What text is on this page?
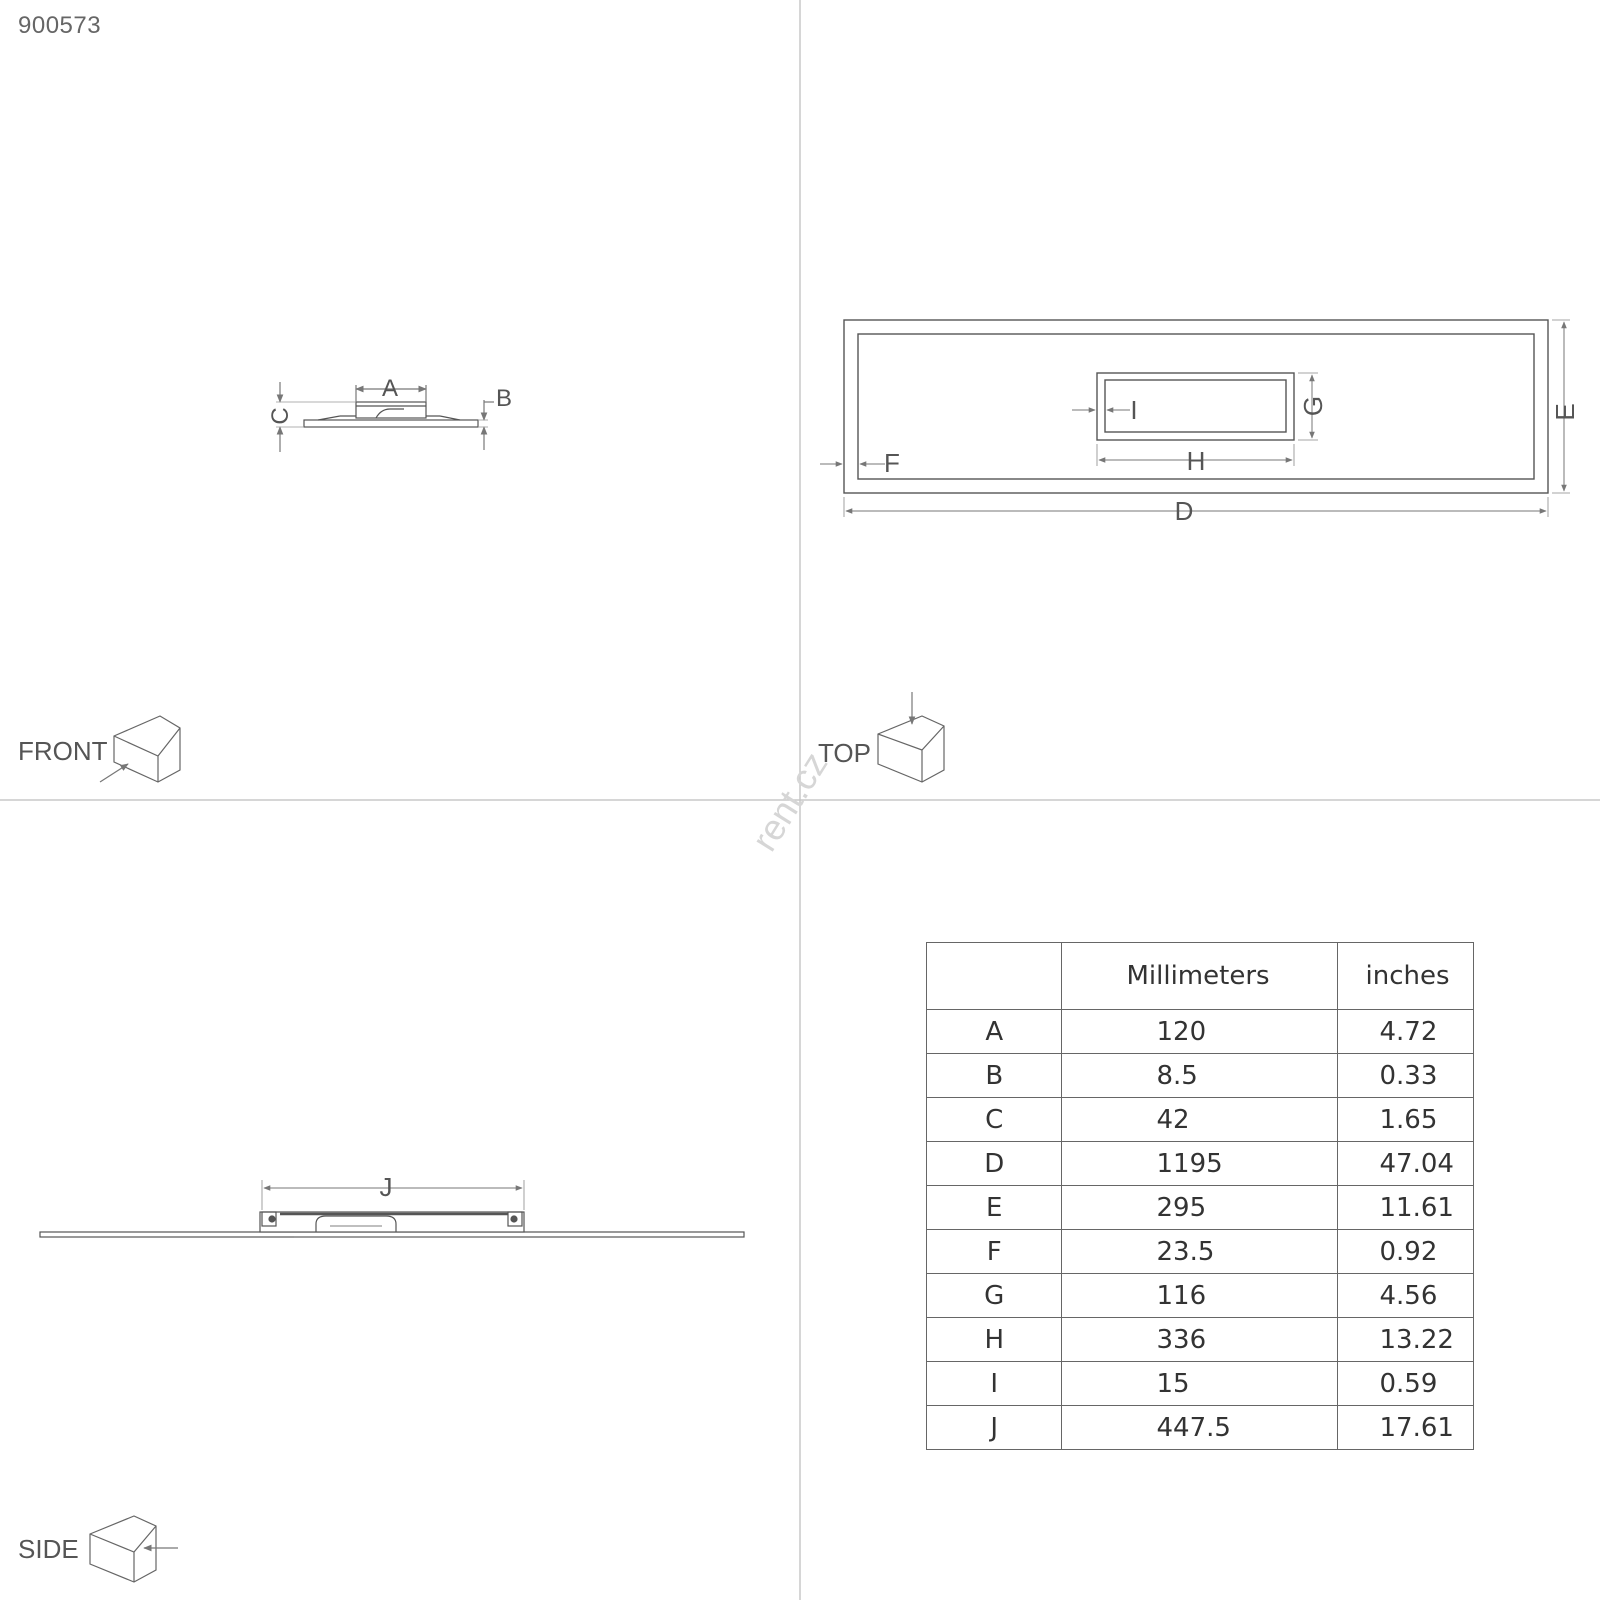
900573
A	B
C
D
E
F
G
H
I
J
FRONT	TOP
SIDE
rent.cz
	Millimeters	inches
A	120	4.72
B	8.5	0.33
C	42	1.65
D	1195	47.04
E	295	11.61
F	23.5	0.92
G	116	4.56
H	336	13.22
I	15	0.59
J	447.5	17.61
